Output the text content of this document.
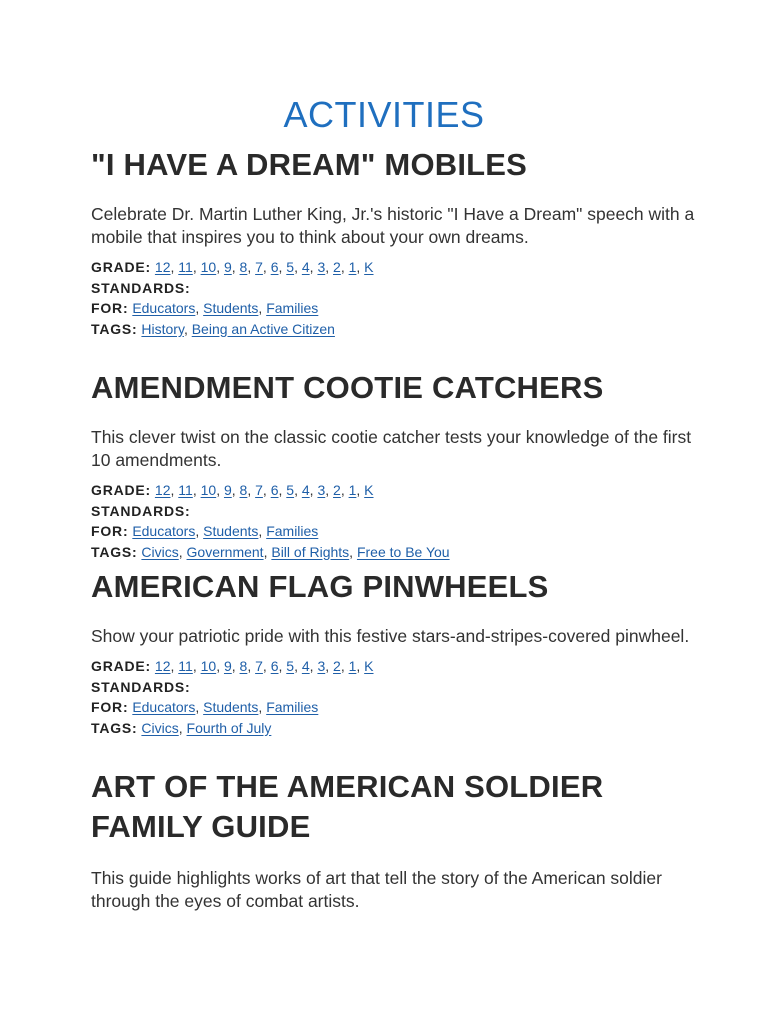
ACTIVITIES
"I HAVE A DREAM" MOBILES

Celebrate Dr. Martin Luther King, Jr.'s historic "I Have a Dream" speech with a mobile that inspires you to think about your own dreams.

GRADE: 12, 11, 10, 9, 8, 7, 6, 5, 4, 3, 2, 1, K
STANDARDS:
FOR: Educators, Students, Families
TAGS: History, Being an Active Citizen
AMENDMENT COOTIE CATCHERS

This clever twist on the classic cootie catcher tests your knowledge of the first 10 amendments.

GRADE: 12, 11, 10, 9, 8, 7, 6, 5, 4, 3, 2, 1, K
STANDARDS:
FOR: Educators, Students, Families
TAGS: Civics, Government, Bill of Rights, Free to Be You
AMERICAN FLAG PINWHEELS

Show your patriotic pride with this festive stars-and-stripes-covered pinwheel.

GRADE: 12, 11, 10, 9, 8, 7, 6, 5, 4, 3, 2, 1, K
STANDARDS:
FOR: Educators, Students, Families
TAGS: Civics, Fourth of July
ART OF THE AMERICAN SOLDIER FAMILY GUIDE

This guide highlights works of art that tell the story of the American soldier through the eyes of combat artists.
